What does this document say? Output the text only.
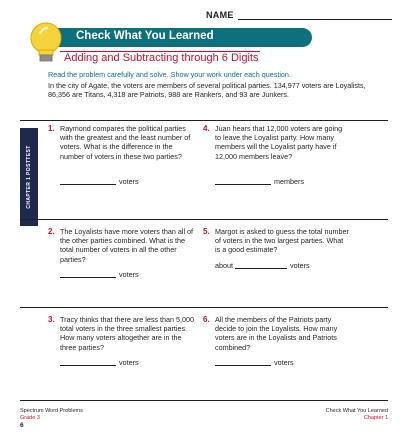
NAME
Check What You Learned
Adding and Subtracting through 6 Digits
Read the problem carefully and solve. Show your work under each question.
In the city of Agate, the voters are members of several political parties. 134,977 voters are Loyalists, 86,356 are Titans, 4,318 are Patriots, 988 are Rankers, and 93 are Junkers.
CHAPTER 1 POSTTEST
1. Raymond compares the political parties with the greatest and the least number of voters. What is the difference in the number of voters in these two parties?
voters
4. Juan hears that 12,000 voters are going to leave the Loyalist party. How many members will the Loyalist party have if 12,000 members leave?
members
2. The Loyalists have more voters than all of the other parties combined. What is the total number of voters in all the other parties?
voters
5. Margot is asked to guess the total number of voters in the two largest parties. What is a good estimate?
about	voters
3. Tracy thinks that there are less than 5,000 total voters in the three smallest parties. How many voters altogether are in the three parties?
voters
6. All the members of the Patriots party decide to join the Loyalists. How many voters are in the Loyalists and Patriots combined?
voters
Spectrum Word Problems
Grade 3
6
Check What You Learned
Chapter 1
